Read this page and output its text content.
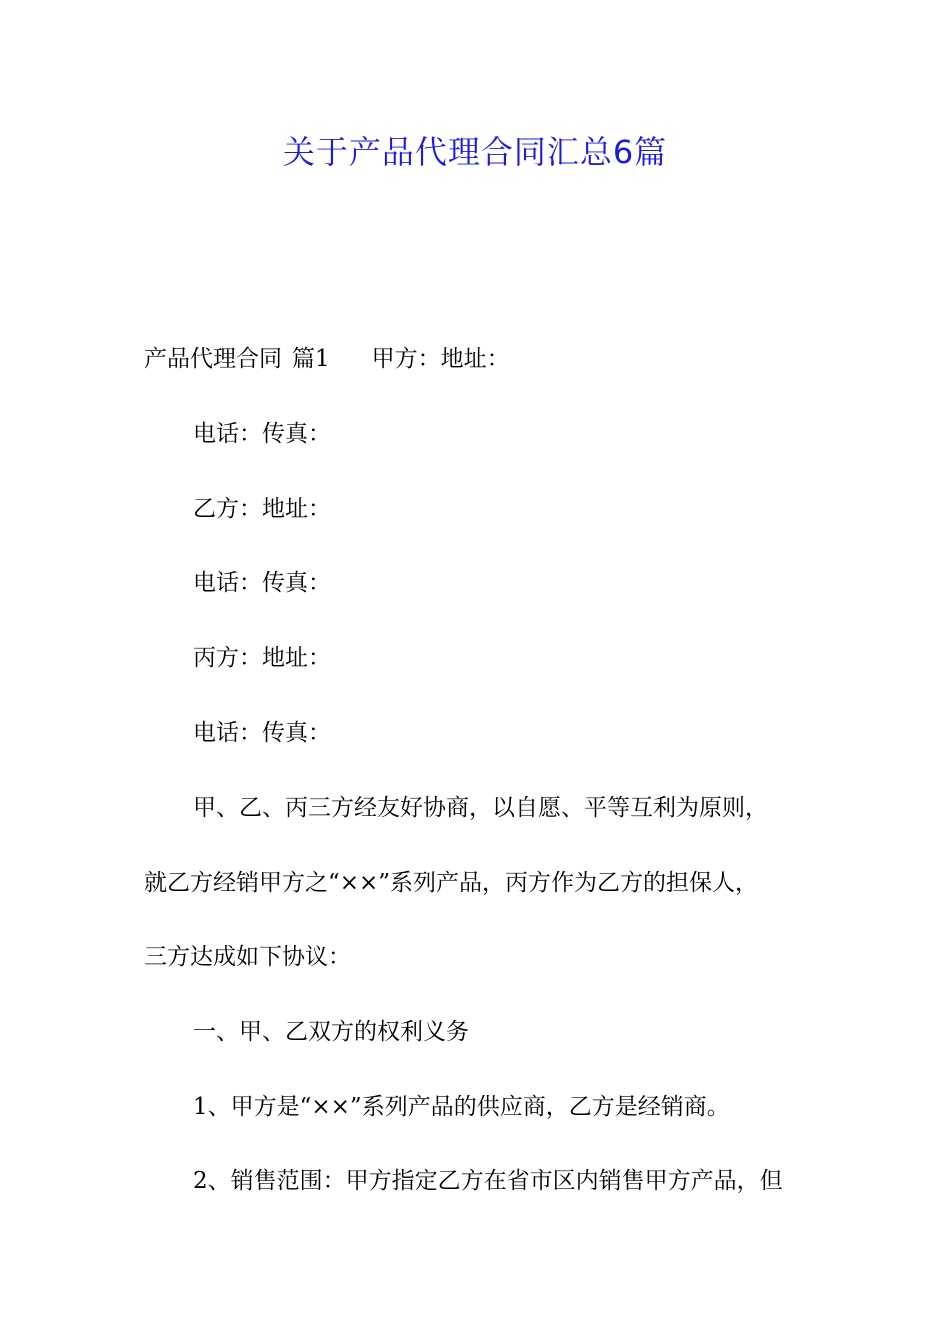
关于产品代理合同汇总6篇
产品代理合同 篇1 甲方：地址：
电话：传真：
乙方：地址：
电话：传真：
丙方：地址：
电话：传真：
甲、乙、丙三方经友好协商，以自愿、平等互利为原则，
就乙方经销甲方之“××”系列产品，丙方作为乙方的担保人，
三方达成如下协议：
一、甲、乙双方的权利义务
1、甲方是“××”系列产品的供应商，乙方是经销商。
2、销售范围：甲方指定乙方在省市区内销售甲方产品，但
